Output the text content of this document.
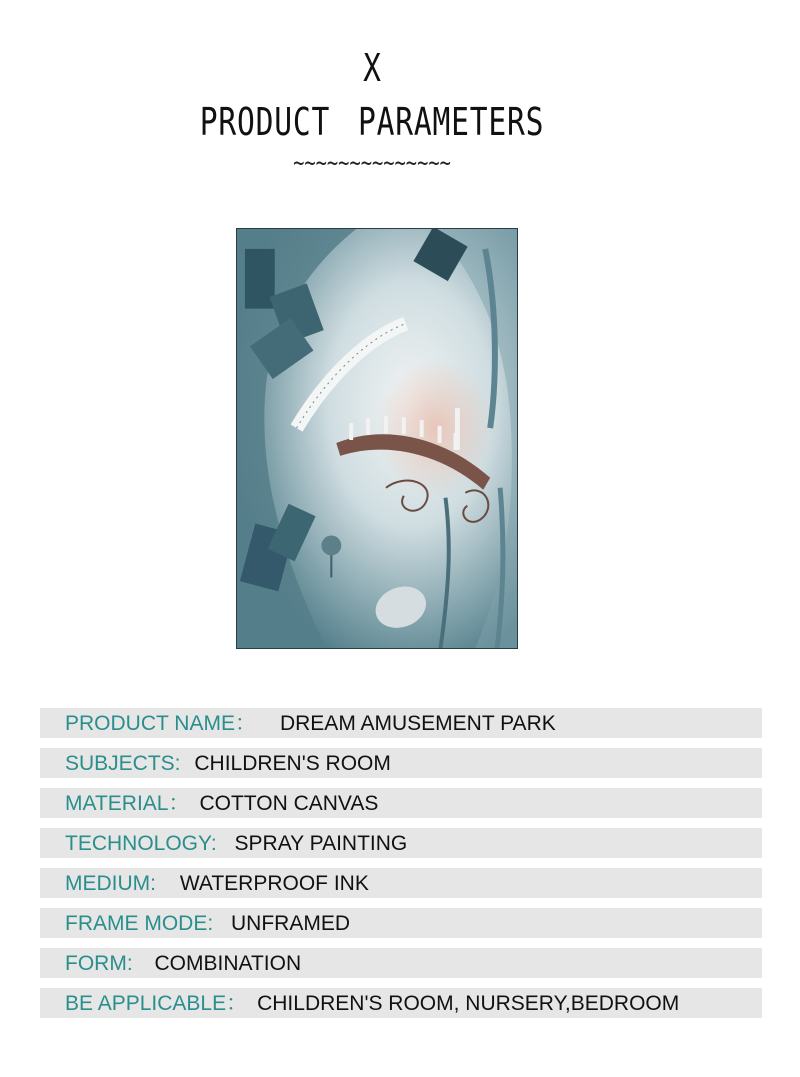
X
PRODUCT PARAMETERS
~~~~~~~~~~~~~~
PRODUCT NAME： DREAM AMUSEMENT PARK
SUBJECTS: CHILDREN'S ROOM
MATERIAL： COTTON CANVAS
TECHNOLOGY: SPRAY PAINTING
MEDIUM: WATERPROOF INK
FRAME MODE: UNFRAMED
FORM: COMBINATION
BE APPLICABLE： CHILDREN'S ROOM, NURSERY,BEDROOM
